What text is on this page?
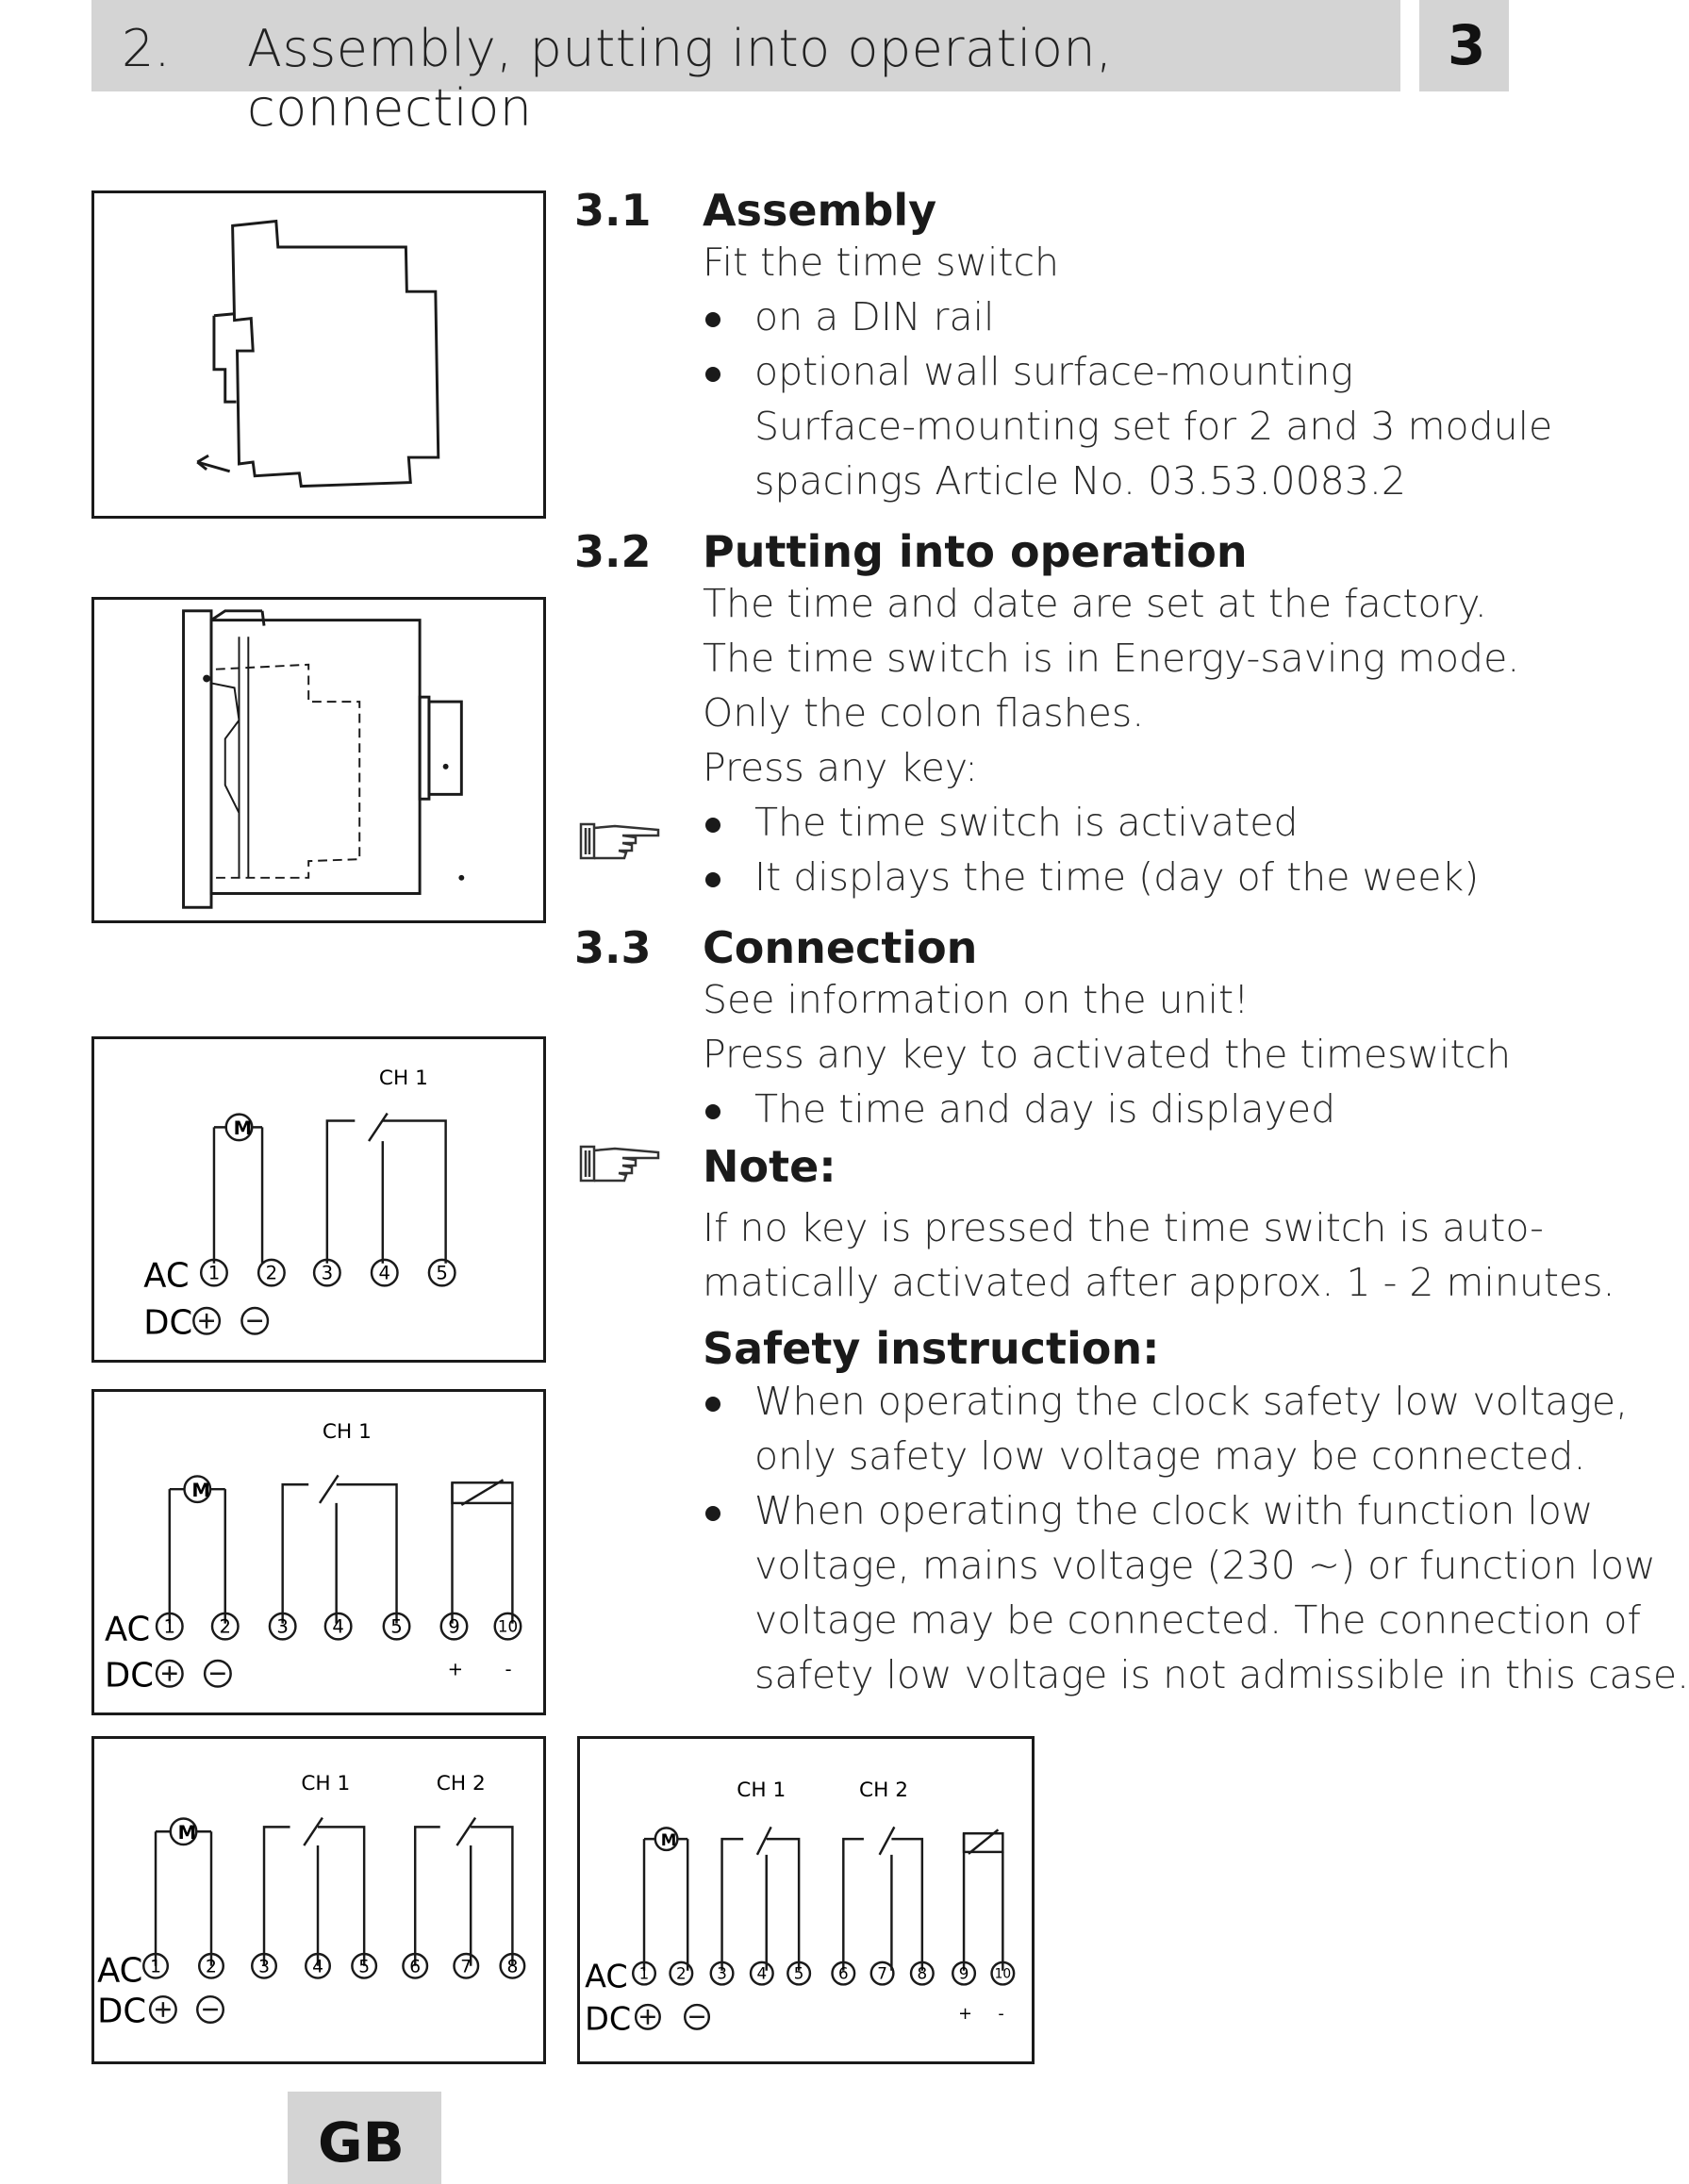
2. Assembly, putting into operation, connection
3
CH 1
M
AC
DC
1 2 3 4 5
CH 1
M
AC
DC	+ -
1 2 3 4 5 9 10
CH 1	CH 2
M
AC
DC
1 2 3 4 5 6 7 8
CH 1	CH 2
M
AC
DC	+ -
1 2 3 4 5 6 7 8 9 10
3.1 Assembly
Fit the time switch
on a DIN rail
optional wall surface-mounting
Surface-mounting set for 2 and 3 module
spacings Article No. 03.53.0083.2
3.2 Putting into operation
The time and date are set at the factory.
The time switch is in Energy-saving mode.
Only the colon flashes.
Press any key:
The time switch is activated
It displays the time (day of the week)
3.3 Connection
See information on the unit!
Press any key to activated the timeswitch
The time and day is displayed
Note:
If no key is pressed the time switch is auto-
matically activated after approx. 1 - 2 minutes.
Safety instruction:
When operating the clock safety low voltage,
only safety low voltage may be connected.
When operating the clock with function low
voltage, mains voltage (230 ~) or function low
voltage may be connected. The connection of
safety low voltage is not admissible in this case.
GB
